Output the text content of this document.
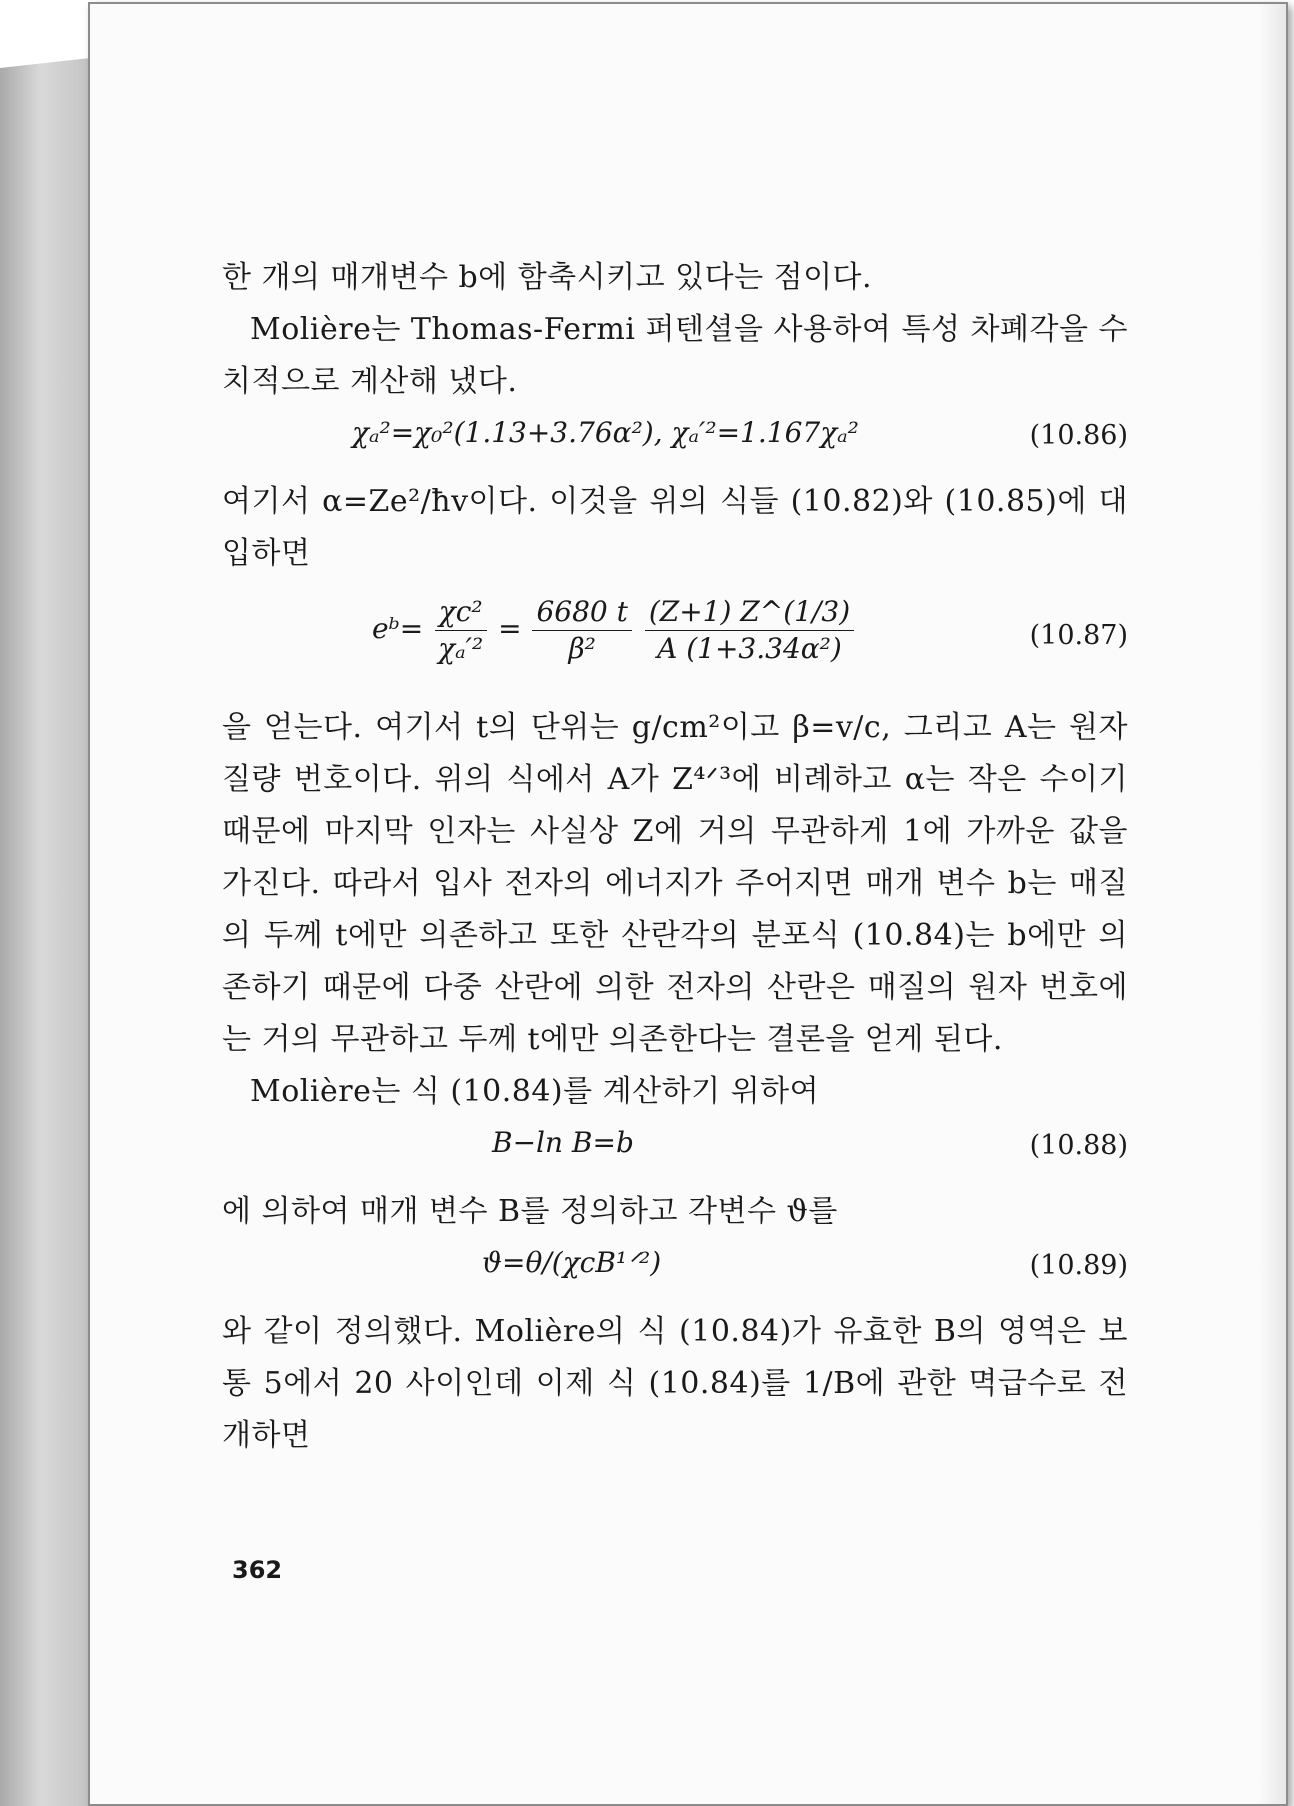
한 개의 매개변수 b에 함축시키고 있다는 점이다.

Molière는 Thomas-Fermi 퍼텐셜을 사용하여 특성 차폐각을 수치적으로 계산해 냈다.

χₐ²=χ₀²(1.13+3.76α²), χₐ′²=1.167χₐ²	(10.86)

여기서 α=Ze²/ħv이다. 이것을 위의 식들 (10.82)와 (10.85)에 대입하면

eᵇ= $\frac{\text{χc²}}{\text{χₐ′²}} = \frac{6680 t}{\text{β²}}$
$\frac{(Z+1) Z\^{}(1/3)}{\text{A (1+3.34α²)}}$	(10.87)

을 얻는다. 여기서 t의 단위는 g/cm²이고 β=v/c, 그리고 A는 원자 질량 번호이다. 위의 식에서 A가 Z⁴ᐟ³에 비례하고 α는 작은 수이기 때문에 마지막 인자는 사실상 Z에 거의 무관하게 1에 가까운 값을 가진다. 따라서 입사 전자의 에너지가 주어지면 매개 변수 b는 매질의 두께 t에만 의존하고 또한 산란각의 분포식 (10.84)는 b에만 의존하기 때문에 다중 산란에 의한 전자의 산란은 매질의 원자 번호에는 거의 무관하고 두께 t에만 의존한다는 결론을 얻게 된다.

Molière는 식 (10.84)를 계산하기 위하여

B−ln B=b	(10.88)

에 의하여 매개 변수 B를 정의하고 각변수 ϑ를

ϑ=θ/(χcB¹ᐟ²)	(10.89)

와 같이 정의했다. Molière의 식 (10.84)가 유효한 B의 영역은 보통 5에서 20 사이인데 이제 식 (10.84)를 1/B에 관한 멱급수로 전개하면

362
